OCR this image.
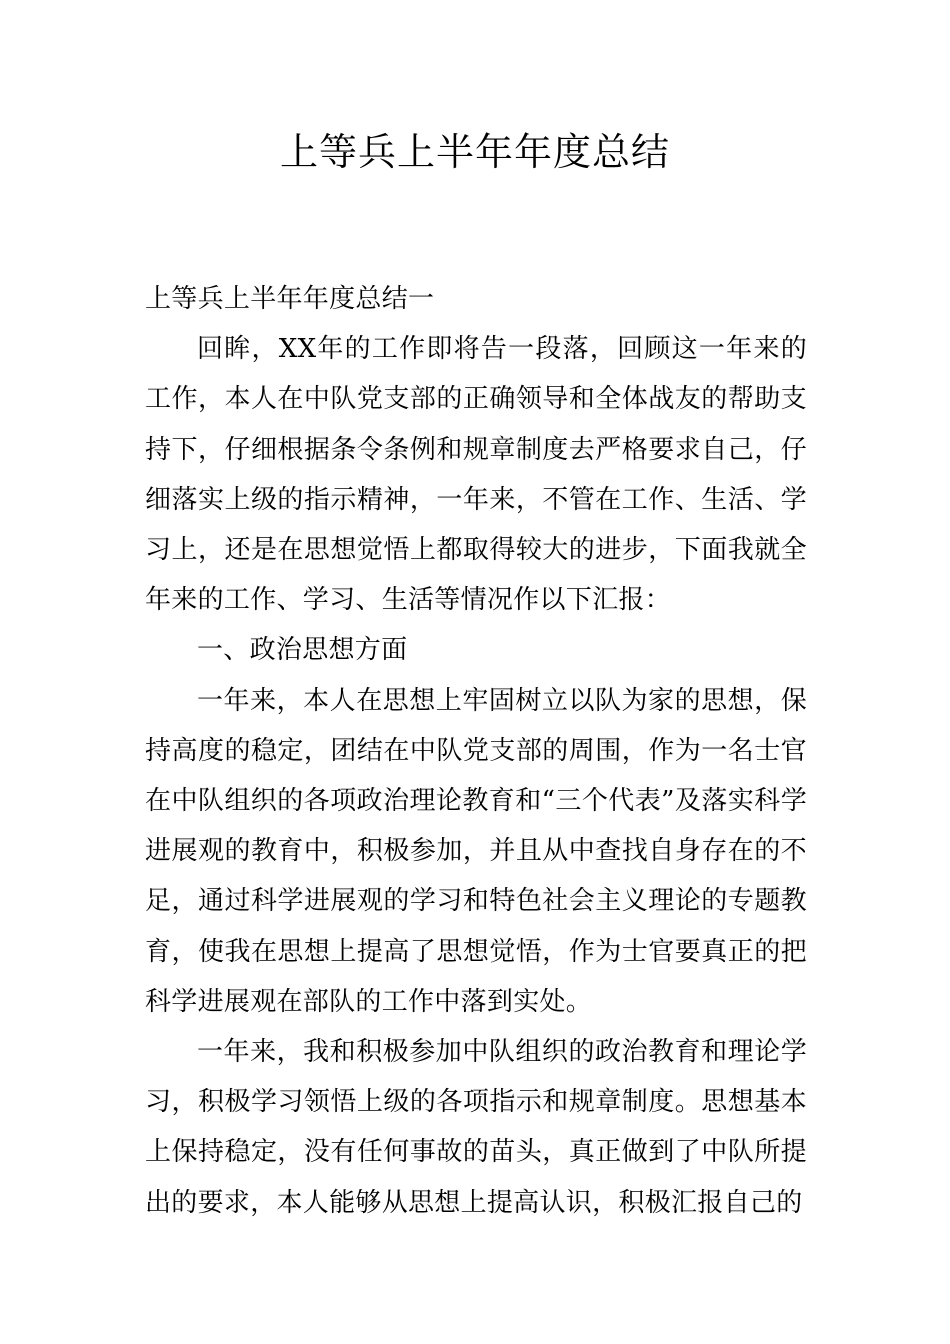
上等兵上半年年度总结

上等兵上半年年度总结一

回眸，XX年的工作即将告一段落，回顾这一年来的工作，本人在中队党支部的正确领导和全体战友的帮助支持下，仔细根据条令条例和规章制度去严格要求自己，仔细落实上级的指示精神，一年来，不管在工作、生活、学习上，还是在思想觉悟上都取得较大的进步，下面我就全年来的工作、学习、生活等情况作以下汇报：

一、政治思想方面

一年来，本人在思想上牢固树立以队为家的思想，保持高度的稳定，团结在中队党支部的周围，作为一名士官在中队组织的各项政治理论教育和“三个代表”及落实科学进展观的教育中，积极参加，并且从中查找自身存在的不足，通过科学进展观的学习和特色社会主义理论的专题教育，使我在思想上提高了思想觉悟，作为士官要真正的把科学进展观在部队的工作中落到实处。

一年来，我和积极参加中队组织的政治教育和理论学习，积极学习领悟上级的各项指示和规章制度。思想基本上保持稳定，没有任何事故的苗头，真正做到了中队所提出的要求，本人能够从思想上提高认识，积极汇报自己的
